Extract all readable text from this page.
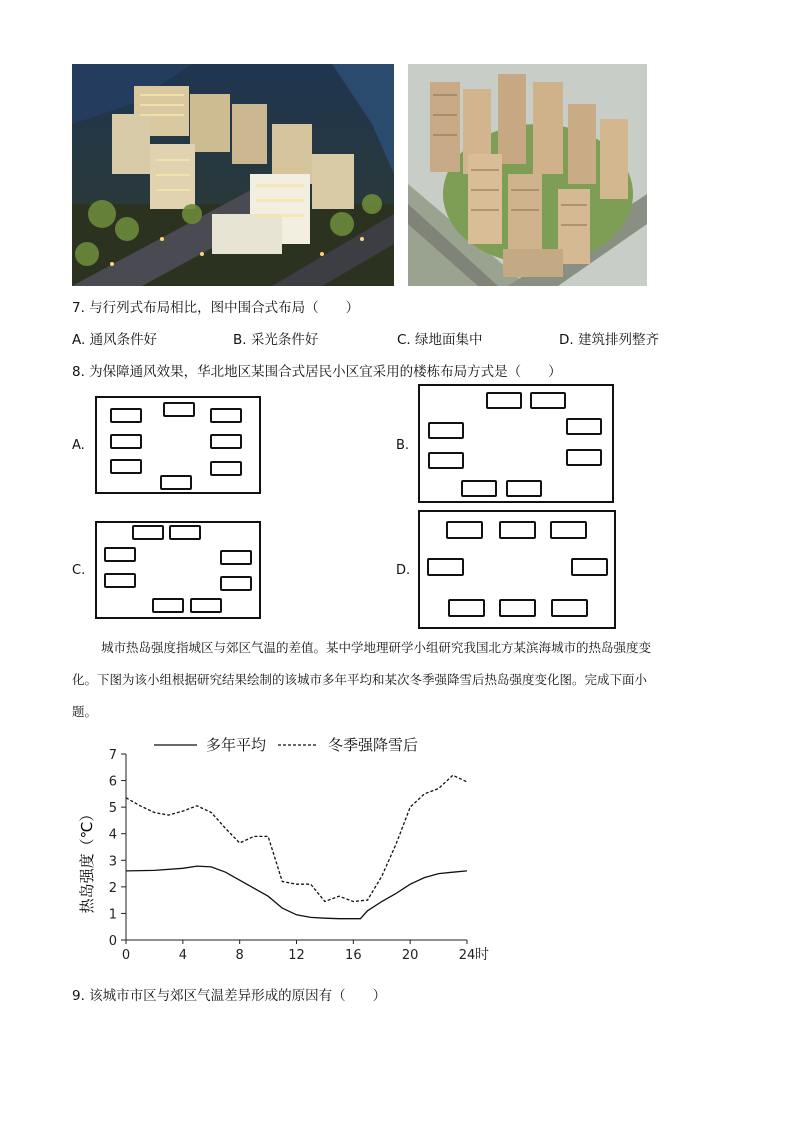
7. 与行列式布局相比，图中围合式布局（　　）
A. 通风条件好	B. 采光条件好	C. 绿地面集中	D. 建筑排列整齐
8. 为保障通风效果，华北地区某围合式居民小区宜采用的楼栋布局方式是（　　）
A.	B.
C.	D.
城市热岛强度指城区与郊区气温的差值。某中学地理研学小组研究我国北方某滨海城市的热岛强度变
化。下图为该小组根据研究结果绘制的该城市多年平均和某次冬季强降雪后热岛强度变化图。完成下面小
题。
0
1
2
3
4
5
6
7
0	4	8	12	16	20	24 时
多年平均	冬季强降雪后
热岛强度（℃）
9. 该城市市区与郊区气温差异形成的原因有（　　）
